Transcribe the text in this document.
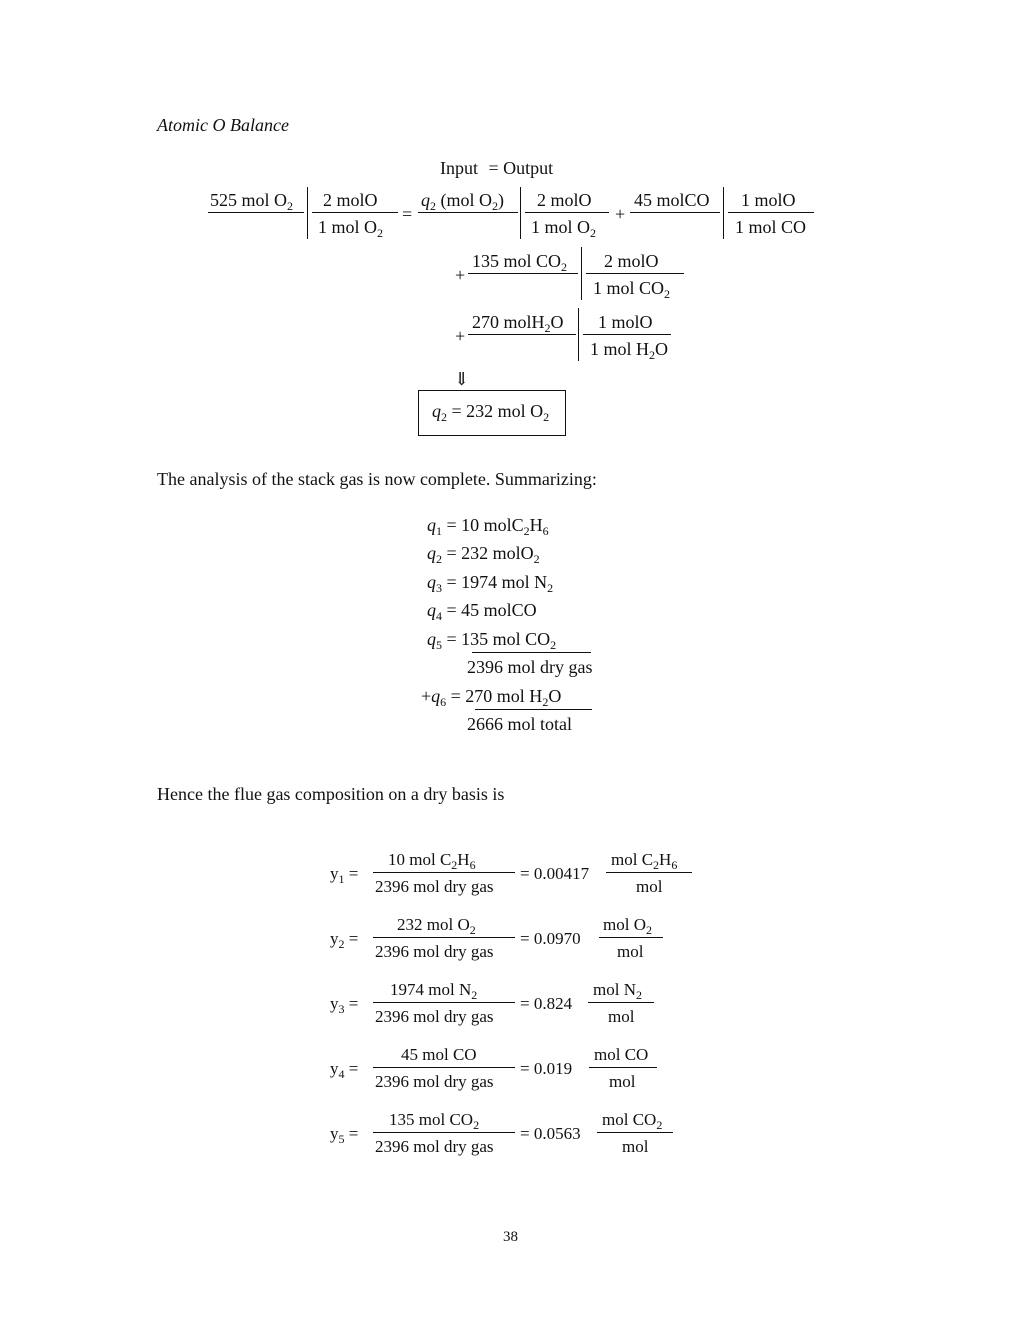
Atomic O Balance
Input = Output
525 mol $O_2$ 2 molO
1 mol $O_2$
=
$q_2$ (mol $O_2$) 2 molO
1 mol $O_2$
+
45 molCO 1 molO
1 mol CO
+
135 mol $CO_2$ 2 molO
1 mol $CO_2$
+
270 molH$_2$O 1 molO
1 mol $H_2O$
⇓
$q_2 = 232$ mol $O_2$
The analysis of the stack gas is now complete. Summarizing:
$q_1 = 10$ $molC_2H_6$
$q_2 = 232$ molO$_2$
$q_3 = 1974$ mol $N_2$
$q_4 = 45$ molCO
$q_5 = 135$ mol $CO_2$
2396 mol dry gas
$+q_6 = 270$ mol $H_2O$
2666 mol total
Hence the flue gas composition on a dry basis is
$y_1$ =
10 mol $C_2H_6$
2396 mol dry gas
= 0.00417
mol $C_2H_6$
mol
$y_2$ =
232 mol $O_2$
2396 mol dry gas
= 0.0970
mol $O_2$
mol
$y_3$ =
1974 mol $N_2$
2396 mol dry gas
= 0.824
mol $N_2$
mol
$y_4$ =
45 mol CO
2396 mol dry gas
= 0.019
mol CO
mol
$y_5$ =
135 mol $CO_2$
2396 mol dry gas
= 0.0563
mol $CO_2$
mol
38
